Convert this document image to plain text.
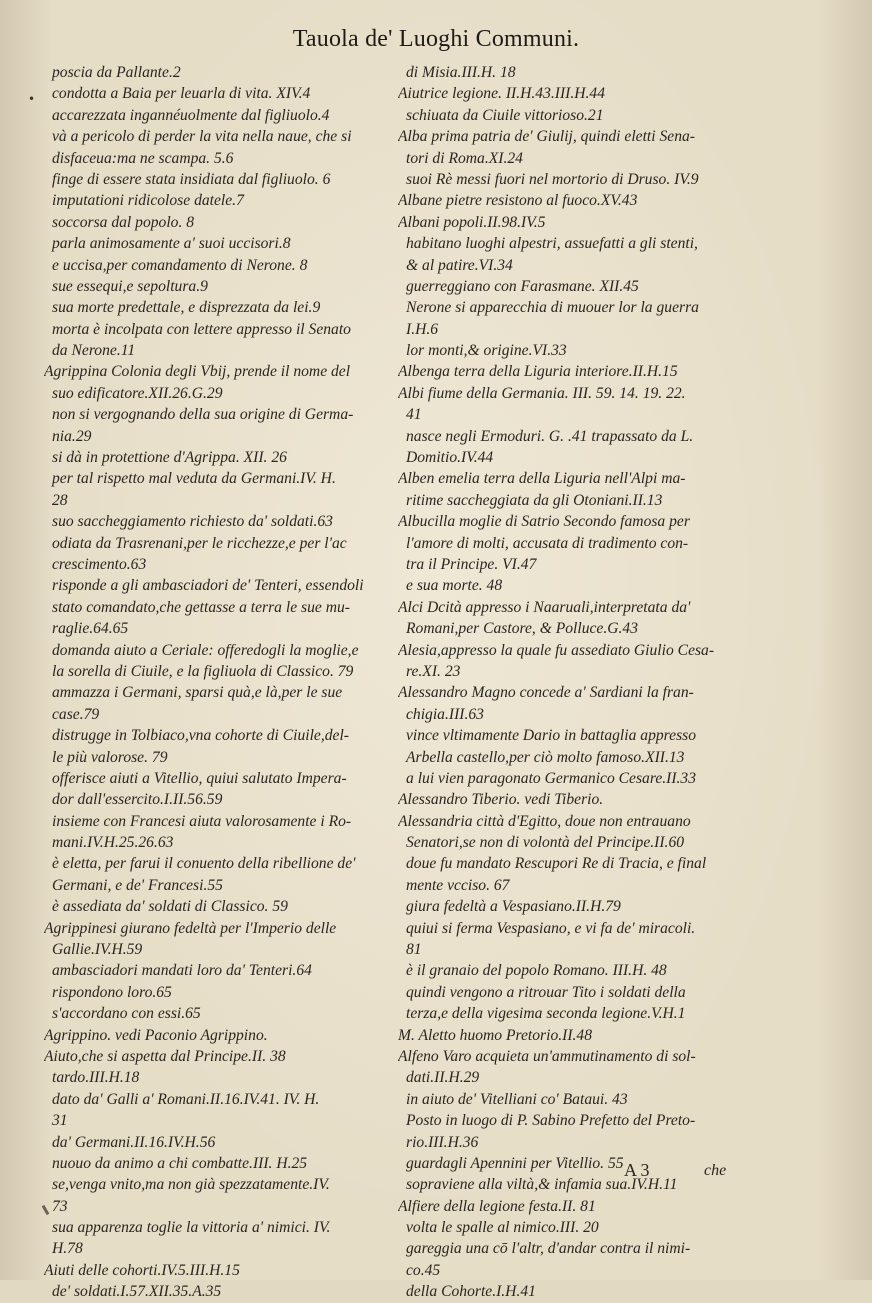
Tauola de' Luoghi Communi.
•
poscia da Pallante.2
condotta a Baia per leuarla di vita. XIV.4
accarezzata ingannéuolmente dal figliuolo.4
và a pericolo di perder la vita nella naue, che si
disfaceua:ma ne scampa. 5.6
finge di essere stata insidiata dal figliuolo. 6
imputationi ridicolose datele.7
soccorsa dal popolo. 8
parla animosamente a' suoi uccisori.8
e uccisa,per comandamento di Nerone. 8
sue essequi,e sepoltura.9
sua morte predettale, e disprezzata da lei.9
morta è incolpata con lettere appresso il Senato
da Nerone.11
Agrippina Colonia degli Vbij, prende il nome del
suo edificatore.XII.26.G.29
non si vergognando della sua origine di Germa-
nia.29
si dà in protettione d'Agrippa. XII. 26
per tal rispetto mal veduta da Germani.IV. H.
28
suo saccheggiamento richiesto da' soldati.63
odiata da Trasrenani,per le ricchezze,e per l'ac
crescimento.63
risponde a gli ambasciadori de' Tenteri, essendoli
stato comandato,che gettasse a terra le sue mu-
raglie.64.65
domanda aiuto a Ceriale: offeredogli la moglie,e
la sorella di Ciuile, e la figliuola di Classico. 79
ammazza i Germani, sparsi quà,e là,per le sue
case.79
distrugge in Tolbiaco,vna cohorte di Ciuile,del-
le più valorose. 79
offerisce aiuti a Vitellio, quiui salutato Impera-
dor dall'essercito.I.II.56.59
insieme con Francesi aiuta valorosamente i Ro-
mani.IV.H.25.26.63
è eletta, per farui il conuento della ribellione de'
Germani, e de' Francesi.55
è assediata da' soldati di Classico. 59
Agrippinesi giurano fedeltà per l'Imperio delle
Gallie.IV.H.59
ambasciadori mandati loro da' Tenteri.64
rispondono loro.65
s'accordano con essi.65
Agrippino. vedi Paconio Agrippino.
Aiuto,che si aspetta dal Principe.II. 38
tardo.III.H.18
dato da' Galli a' Romani.II.16.IV.41. IV. H.
31
da' Germani.II.16.IV.H.56
nuouo da animo a chi combatte.III. H.25
se,venga vnito,ma non già spezzatamente.IV.
73
sua apparenza toglie la vittoria a' nimici. IV.
H.78
Aiuti delle cohorti.IV.5.III.H.15
de' soldati.I.57.XII.35.A.35
di Misia.III.H. 18
Aiutrice legione. II.H.43.III.H.44
schiuata da Ciuile vittorioso.21
Alba prima patria de' Giulij, quindi eletti Sena-
tori di Roma.XI.24
suoi Rè messi fuori nel mortorio di Druso. IV.9
Albane pietre resistono al fuoco.XV.43
Albani popoli.II.98.IV.5
habitano luoghi alpestri, assuefatti a gli stenti,
& al patire.VI.34
guerreggiano con Farasmane. XII.45
Nerone si apparecchia di muouer lor la guerra
I.H.6
lor monti,& origine.VI.33
Albenga terra della Liguria interiore.II.H.15
Albi fiume della Germania. III. 59. 14. 19. 22.
41
nasce negli Ermoduri. G. .41 trapassato da L.
Domitio.IV.44
Alben emelia terra della Liguria nell'Alpi ma-
ritime saccheggiata da gli Otoniani.II.13
Albucilla moglie di Satrio Secondo famosa per
l'amore di molti, accusata di tradimento con-
tra il Principe. VI.47
e sua morte. 48
Alci Dcità appresso i Naaruali,interpretata da'
Romani,per Castore, & Polluce.G.43
Alesia,appresso la quale fu assediato Giulio Cesa-
re.XI. 23
Alessandro Magno concede a' Sardiani la fran-
chigia.III.63
vince vltimamente Dario in battaglia appresso
Arbella castello,per ciò molto famoso.XII.13
a lui vien paragonato Germanico Cesare.II.33
Alessandro Tiberio. vedi Tiberio.
Alessandria città d'Egitto, doue non entrauano
Senatori,se non di volontà del Principe.II.60
doue fu mandato Rescupori Re di Tracia, e final
mente vcciso. 67
giura fedeltà a Vespasiano.II.H.79
quiui si ferma Vespasiano, e vi fa de' miracoli.
81
è il granaio del popolo Romano. III.H. 48
quindi vengono a ritrouar Tito i soldati della
terza,e della vigesima seconda legione.V.H.1
M. Aletto huomo Pretorio.II.48
Alfeno Varo acquieta un'ammutinamento di sol-
dati.II.H.29
in aiuto de' Vitelliani co' Bataui. 43
Posto in luogo di P. Sabino Prefetto del Preto-
rio.III.H.36
guardagli Apennini per Vitellio. 55
sopraviene alla viltà,& infamia sua.IV.H.11
Alfiere della legione festa.II. 81
volta le spalle al nimico.III. 20
gareggia una cō l'altr, d'andar contra il nimi-
co.45
della Cohorte.I.H.41
A 3	che
